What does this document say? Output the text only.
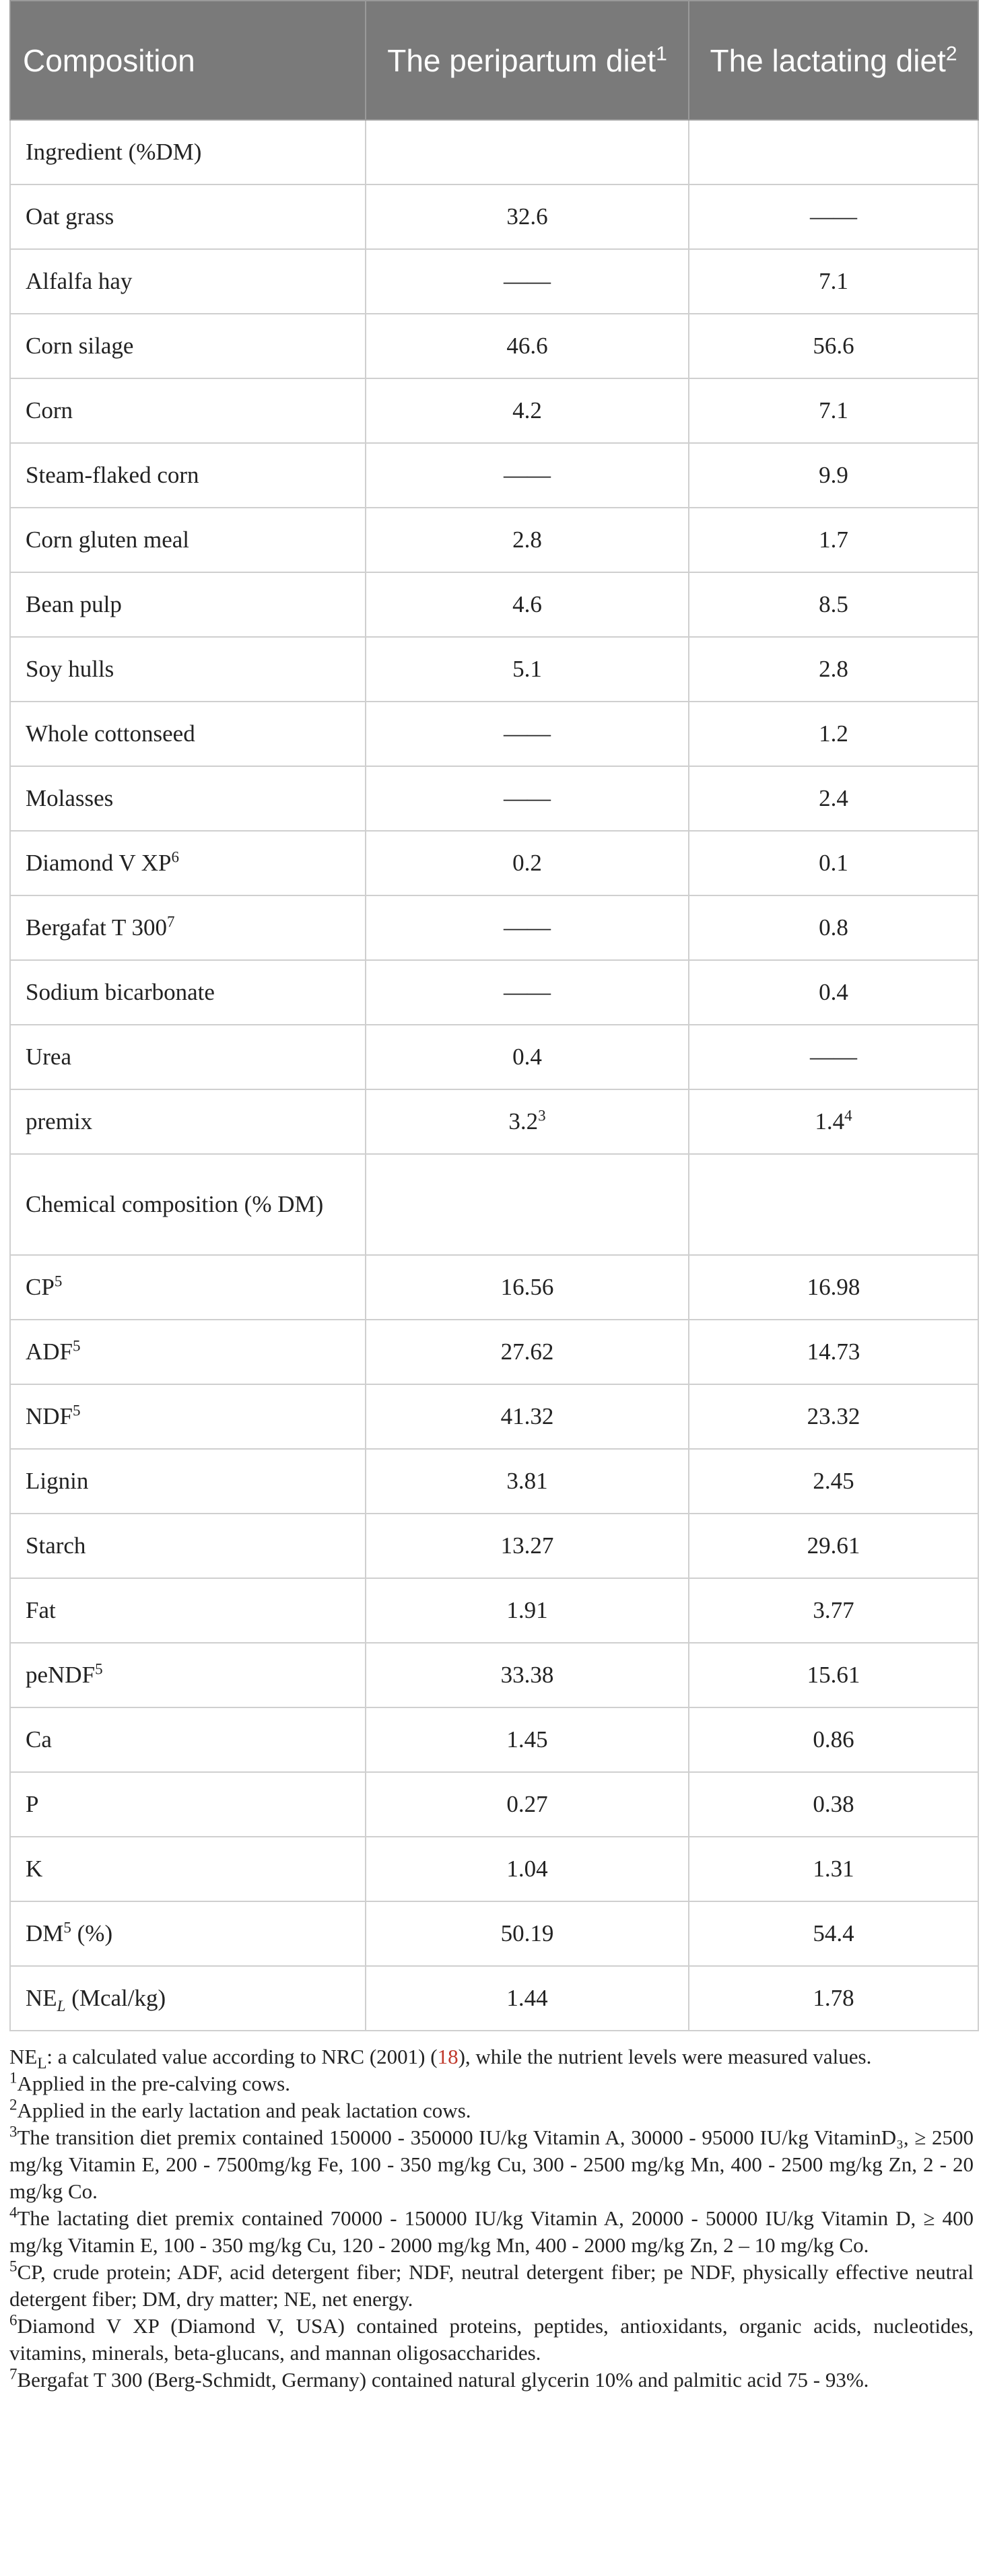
Composition	The peripartum diet$^1$	The lactating diet$^2$
Ingredient (%DM)		
Oat grass	32.6	——
Alfalfa hay	——	7.1
Corn silage	46.6	56.6
Corn	4.2	7.1
Steam-flaked corn	——	9.9
Corn gluten meal	2.8	1.7
Bean pulp	4.6	8.5
Soy hulls	5.1	2.8
Whole cottonseed	——	1.2
Molasses	——	2.4
Diamond V $XP^6$	0.2	0.1
Bergafat T $300^7$	——	0.8
Sodium bicarbonate	——	0.4
Urea	0.4	——
premix	$3.2^3$	$1.4^4$
Chemical composition (% DM)		
$CP^5$	16.56	16.98
ADF$^5$	27.62	14.73
NDF$^5$	41.32	23.32
Lignin	3.81	2.45
Starch	13.27	29.61
Fat	1.91	3.77
peNDF$^5$	33.38	15.61
Ca	1.45	0.86
P	0.27	0.38
K	1.04	1.31
$DM^5$ (%)	50.19	54.4
$NE_L$ (Mcal/kg)	1.44	1.78

$NE_L$: a calculated value according to NRC (2001) (18), while the nutrient levels were measured values.

$^1$Applied in the pre-calving cows.

$^2$Applied in the early lactation and peak lactation cows.

$^3$The transition diet premix contained 150000 - 350000 IU/kg Vitamin A, 30000 - 95000 IU/kg VitaminD₃, ≥ 2500 mg/kg Vitamin E, 200 - 7500mg/kg Fe, 100 - 350 mg/kg Cu, 300 - 2500 mg/kg Mn, 400 - 2500 mg/kg Zn, 2 - 20 mg/kg Co.

$^4$The lactating diet premix contained 70000 - 150000 IU/kg Vitamin A, 20000 - 50000 IU/kg Vitamin D, ≥ 400 mg/kg Vitamin E, 100 - 350 mg/kg Cu, 120 - 2000 mg/kg Mn, 400 - 2000 mg/kg Zn, 2 – 10 mg/kg Co.

$^5$CP, crude protein; ADF, acid detergent fiber; NDF, neutral detergent fiber; pe NDF, physically effective neutral detergent fiber; DM, dry matter; NE, net energy.

$^6$Diamond V XP (Diamond V, USA) contained proteins, peptides, antioxidants, organic acids, nucleotides, vitamins, minerals, beta-glucans, and mannan oligosaccharides.

$^7$Bergafat T 300 (Berg-Schmidt, Germany) contained natural glycerin 10% and palmitic acid 75 - 93%.
